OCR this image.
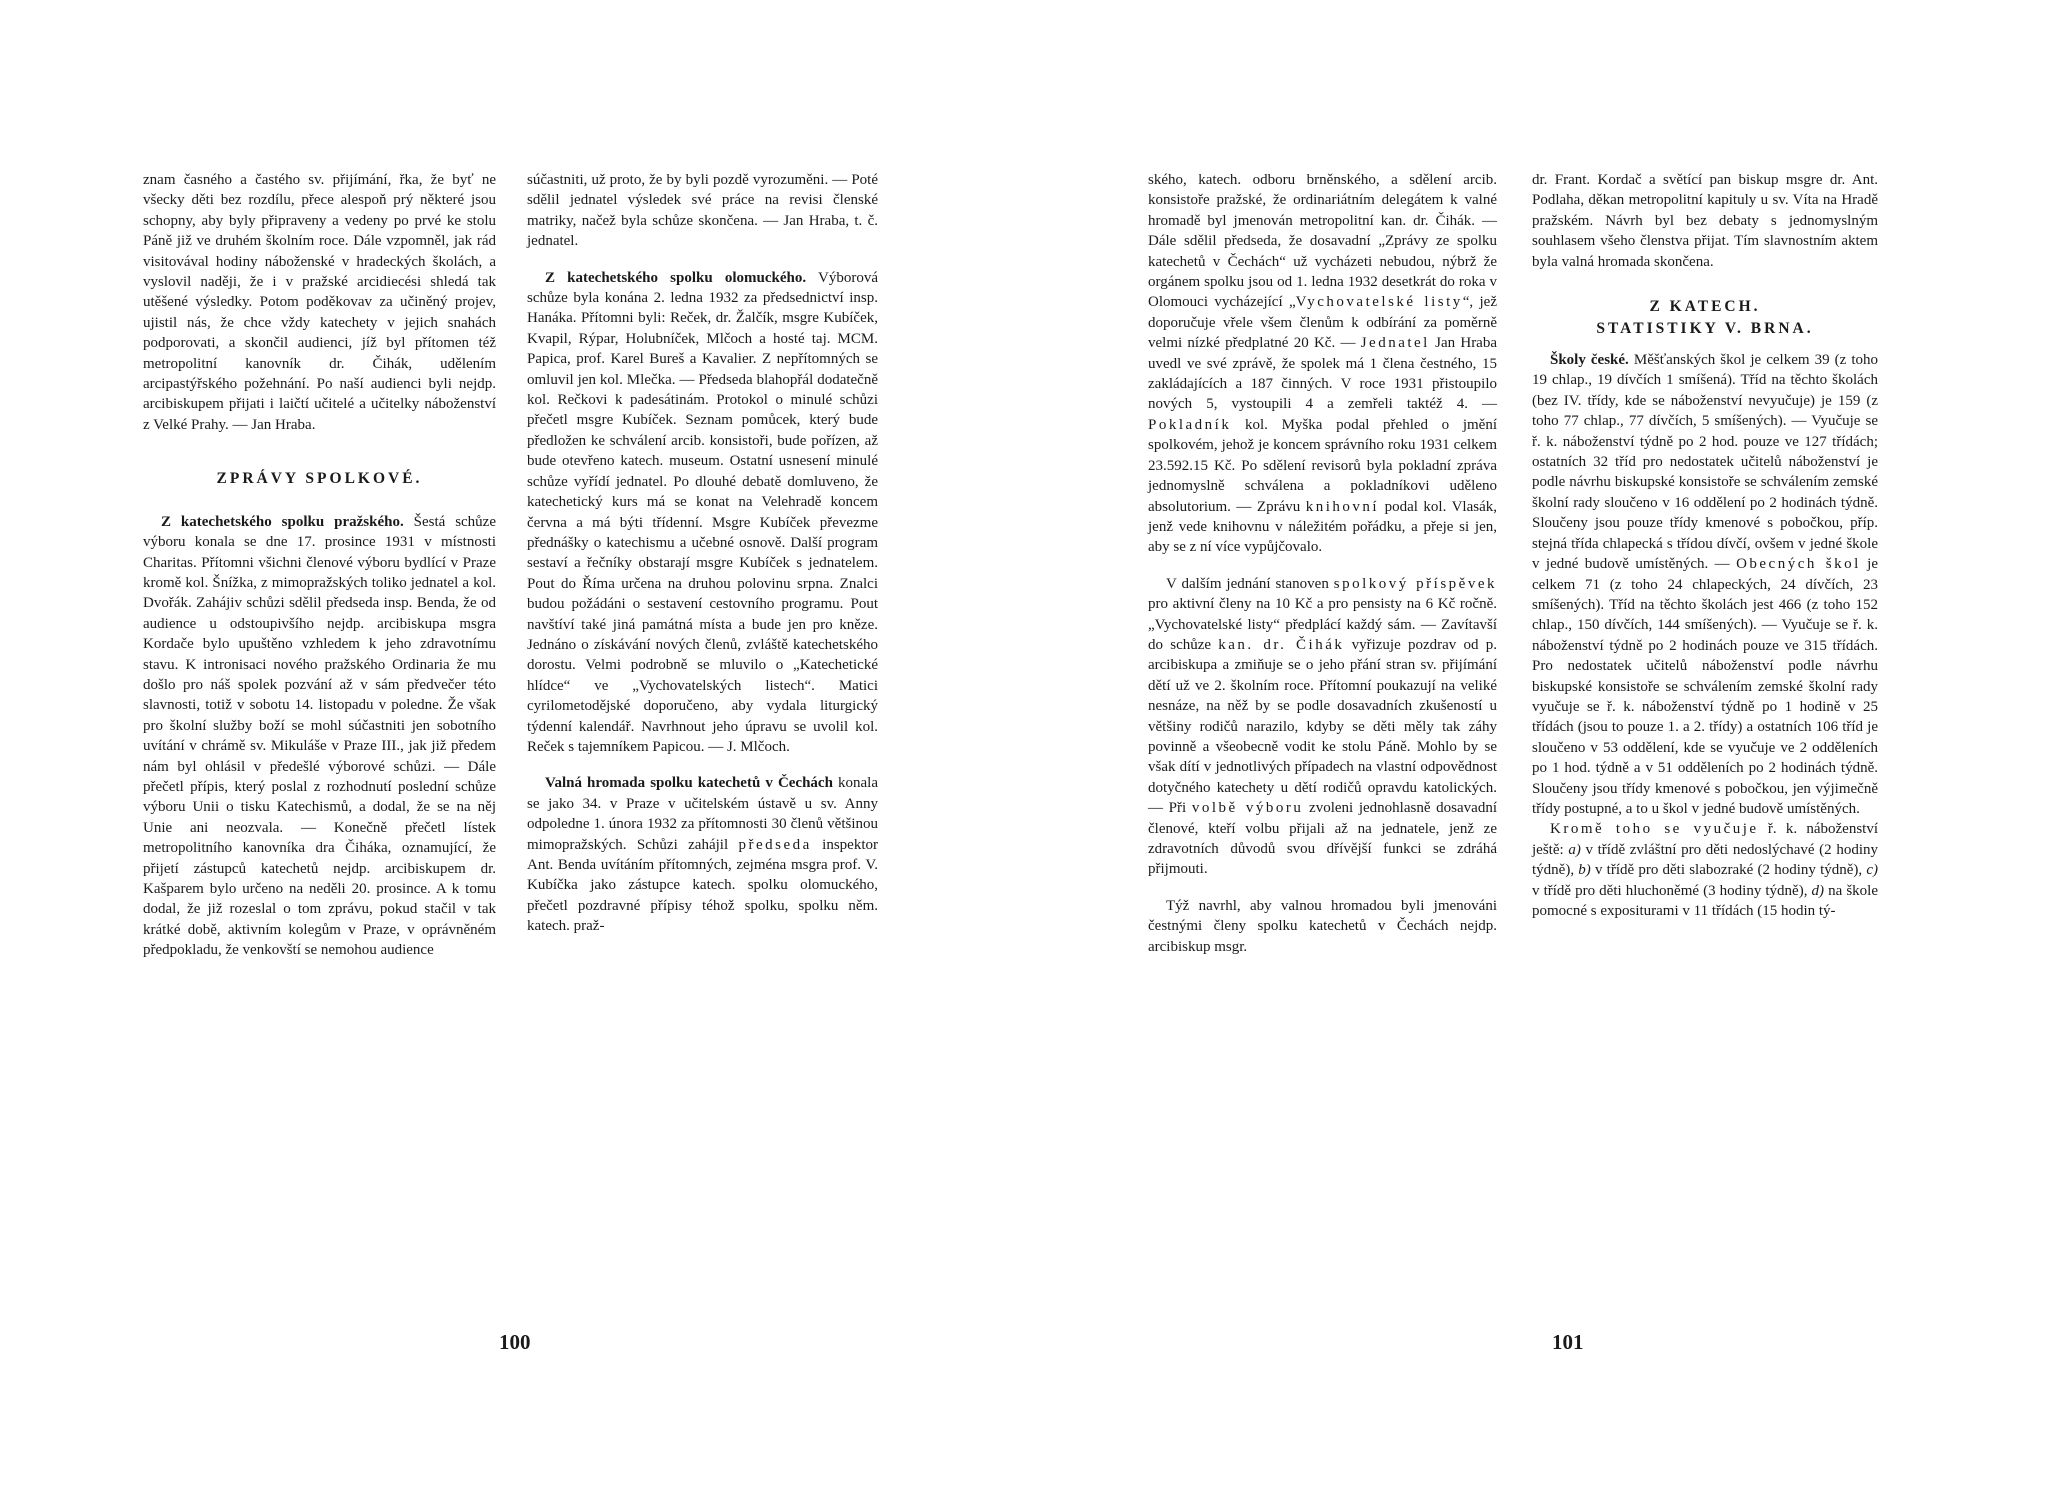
znam časného a častého sv. přijímání, řka, že byť ne všecky děti bez rozdílu, přece alespoň prý některé jsou schopny, aby byly připraveny a vedeny po prvé ke stolu Páně již ve druhém školním roce. Dále vzpomněl, jak rád visitovával hodiny náboženské v hradeckých školách, a vyslovil naději, že i v pražské arcidiecési shledá tak utěšené výsledky. Potom poděkovav za učiněný projev, ujistil nás, že chce vždy katechety v jejich snahách podporovati, a skončil audienci, jíž byl přítomen též metropolitní kanovník dr. Čihák, udělením arcipastýřského požehnání. Po naší audienci byli nejdp. arcibiskupem přijati i laičtí učitelé a učitelky náboženství z Velké Prahy. — Jan Hraba.

ZPRÁVY SPOLKOVÉ.

Z katechetského spolku pražského. Šestá schůze výboru konala se dne 17. prosince 1931 v místnosti Charitas. Přítomni všichni členové výboru bydlící v Praze kromě kol. Šnížka, z mimopražských toliko jednatel a kol. Dvořák. Zahájiv schůzi sdělil předseda insp. Benda, že od audience u odstoupivšího nejdp. arcibiskupa msgra Kordače bylo upuštěno vzhledem k jeho zdravotnímu stavu. K intronisaci nového pražského Ordinaria že mu došlo pro náš spolek pozvání až v sám předvečer této slavnosti, totiž v sobotu 14. listopadu v poledne. Že však pro školní služby boží se mohl súčastniti jen sobotního uvítání v chrámě sv. Mikuláše v Praze III., jak již předem nám byl ohlásil v předešlé výborové schůzi. — Dále přečetl přípis, který poslal z rozhodnutí poslední schůze výboru Unii o tisku Katechismů, a dodal, že se na něj Unie ani neozvala. — Konečně přečetl lístek metropolitního kanovníka dra Čiháka, oznamující, že přijetí zástupců katechetů nejdp. arcibiskupem dr. Kašparem bylo určeno na neděli 20. prosince. A k tomu dodal, že již rozeslal o tom zprávu, pokud stačil v tak krátké době, aktivním kolegům v Praze, v oprávněném předpokladu, že venkovští se nemohou audience

súčastniti, už proto, že by byli pozdě vyrozuměni. — Poté sdělil jednatel výsledek své práce na revisi členské matriky, načež byla schůze skončena. — Jan Hraba, t. č. jednatel.

Z katechetského spolku olomuckého. Výborová schůze byla konána 2. ledna 1932 za předsednictví insp. Hanáka. Přítomni byli: Reček, dr. Žalčík, msgre Kubíček, Kvapil, Rýpar, Holubníček, Mlčoch a hosté taj. MCM. Papica, prof. Karel Bureš a Kavalier. Z nepřítomných se omluvil jen kol. Mlečka. — Předseda blahopřál dodatečně kol. Rečkovi k padesátinám. Protokol o minulé schůzi přečetl msgre Kubíček. Seznam pomůcek, který bude předložen ke schválení arcib. konsistoři, bude pořízen, až bude otevřeno katech. museum. Ostatní usnesení minulé schůze vyřídí jednatel. Po dlouhé debatě domluveno, že katechetický kurs má se konat na Velehradě koncem června a má býti třídenní. Msgre Kubíček převezme přednášky o katechismu a učebné osnově. Další program sestaví a řečníky obstarají msgre Kubíček s jednatelem. Pout do Říma určena na druhou polovinu srpna. Znalci budou požádáni o sestavení cestovního programu. Pout navštíví také jiná památná místa a bude jen pro kněze. Jednáno o získávání nových členů, zvláště katechetského dorostu. Velmi podrobně se mluvilo o „Katechetické hlídce“ ve „Vychovatelských listech“. Matici cyrilometodějské doporučeno, aby vydala liturgický týdenní kalendář. Navrhnout jeho úpravu se uvolil kol. Reček s tajemníkem Papicou. — J. Mlčoch.

Valná hromada spolku katechetů v Čechách konala se jako 34. v Praze v učitelském ústavě u sv. Anny odpoledne 1. února 1932 za přítomnosti 30 členů většinou mimopražských. Schůzi zahájil předseda inspektor Ant. Benda uvítáním přítomných, zejména msgra prof. V. Kubíčka jako zástupce katech. spolku olomuckého, přečetl pozdravné přípisy téhož spolku, spolku něm. katech. praž-

100

ského, katech. odboru brněnského, a sdělení arcib. konsistoře pražské, že ordinariátním delegátem k valné hromadě byl jmenován metropolitní kan. dr. Čihák. — Dále sdělil předseda, že dosavadní „Zprávy ze spolku katechetů v Čechách“ už vycházeti nebudou, nýbrž že orgánem spolku jsou od 1. ledna 1932 desetkrát do roka v Olomouci vycházející „Vychovatelské listy“, jež doporučuje vřele všem členům k odbírání za poměrně velmi nízké předplatné 20 Kč. — Jednatel Jan Hraba uvedl ve své zprávě, že spolek má 1 člena čestného, 15 zakládajících a 187 činných. V roce 1931 přistoupilo nových 5, vystoupili 4 a zemřeli taktéž 4. — Pokladník kol. Myška podal přehled o jmění spolkovém, jehož je koncem správního roku 1931 celkem 23.592.15 Kč. Po sdělení revisorů byla pokladní zpráva jednomyslně schválena a pokladníkovi uděleno absolutorium. — Zprávu knihovní podal kol. Vlasák, jenž vede knihovnu v náležitém pořádku, a přeje si jen, aby se z ní více vypůjčovalo.

V dalším jednání stanoven spolkový příspěvek pro aktivní členy na 10 Kč a pro pensisty na 6 Kč ročně. „Vychovatelské listy“ předplácí každý sám. — Zavítavší do schůze kan. dr. Čihák vyřizuje pozdrav od p. arcibiskupa a zmiňuje se o jeho přání stran sv. přijímání dětí už ve 2. školním roce. Přítomní poukazují na veliké nesnáze, na něž by se podle dosavadních zkušeností u většiny rodičů narazilo, kdyby se děti měly tak záhy povinně a všeobecně vodit ke stolu Páně. Mohlo by se však dítí v jednotlivých případech na vlastní odpovědnost dotyčného katechety u dětí rodičů opravdu katolických. — Při volbě výboru zvoleni jednohlasně dosavadní členové, kteří volbu přijali až na jednatele, jenž ze zdravotních důvodů svou dřívější funkci se zdráhá přijmouti.

Týž navrhl, aby valnou hromadou byli jmenováni čestnými členy spolku katechetů v Čechách nejdp. arcibiskup msgr.

dr. Frant. Kordač a světící pan biskup msgre dr. Ant. Podlaha, děkan metropolitní kapituly u sv. Víta na Hradě pražském. Návrh byl bez debaty s jednomyslným souhlasem všeho členstva přijat. Tím slavnostním aktem byla valná hromada skončena.

Z KATECH.
STATISTIKY V. BRNA.

Školy české. Měšťanských škol je celkem 39 (z toho 19 chlap., 19 dívčích 1 smíšená). Tříd na těchto školách (bez IV. třídy, kde se náboženství nevyučuje) je 159 (z toho 77 chlap., 77 dívčích, 5 smíšených). — Vyučuje se ř. k. náboženství týdně po 2 hod. pouze ve 127 třídách; ostatních 32 tříd pro nedostatek učitelů náboženství je podle návrhu biskupské konsistoře se schválením zemské školní rady sloučeno v 16 oddělení po 2 hodinách týdně. Sloučeny jsou pouze třídy kmenové s pobočkou, příp. stejná třída chlapecká s třídou dívčí, ovšem v jedné škole v jedné budově umístěných. — Obecných škol je celkem 71 (z toho 24 chlapeckých, 24 dívčích, 23 smíšených). Tříd na těchto školách jest 466 (z toho 152 chlap., 150 dívčích, 144 smíšených). — Vyučuje se ř. k. náboženství týdně po 2 hodinách pouze ve 315 třídách. Pro nedostatek učitelů náboženství podle návrhu biskupské konsistoře se schválením zemské školní rady vyučuje se ř. k. náboženství týdně po 1 hodině v 25 třídách (jsou to pouze 1. a 2. třídy) a ostatních 106 tříd je sloučeno v 53 oddělení, kde se vyučuje ve 2 odděleních po 1 hod. týdně a v 51 odděleních po 2 hodinách týdně. Sloučeny jsou třídy kmenové s pobočkou, jen výjimečně třídy postupné, a to u škol v jedné budově umístěných.

Kromě toho se vyučuje ř. k. náboženství ještě: a) v třídě zvláštní pro děti nedoslýchavé (2 hodiny týdně), b) v třídě pro děti slabozraké (2 hodiny týdně), c) v třídě pro děti hluchoněmé (3 hodiny týdně), d) na škole pomocné s expositurami v 11 třídách (15 hodin tý-

101
